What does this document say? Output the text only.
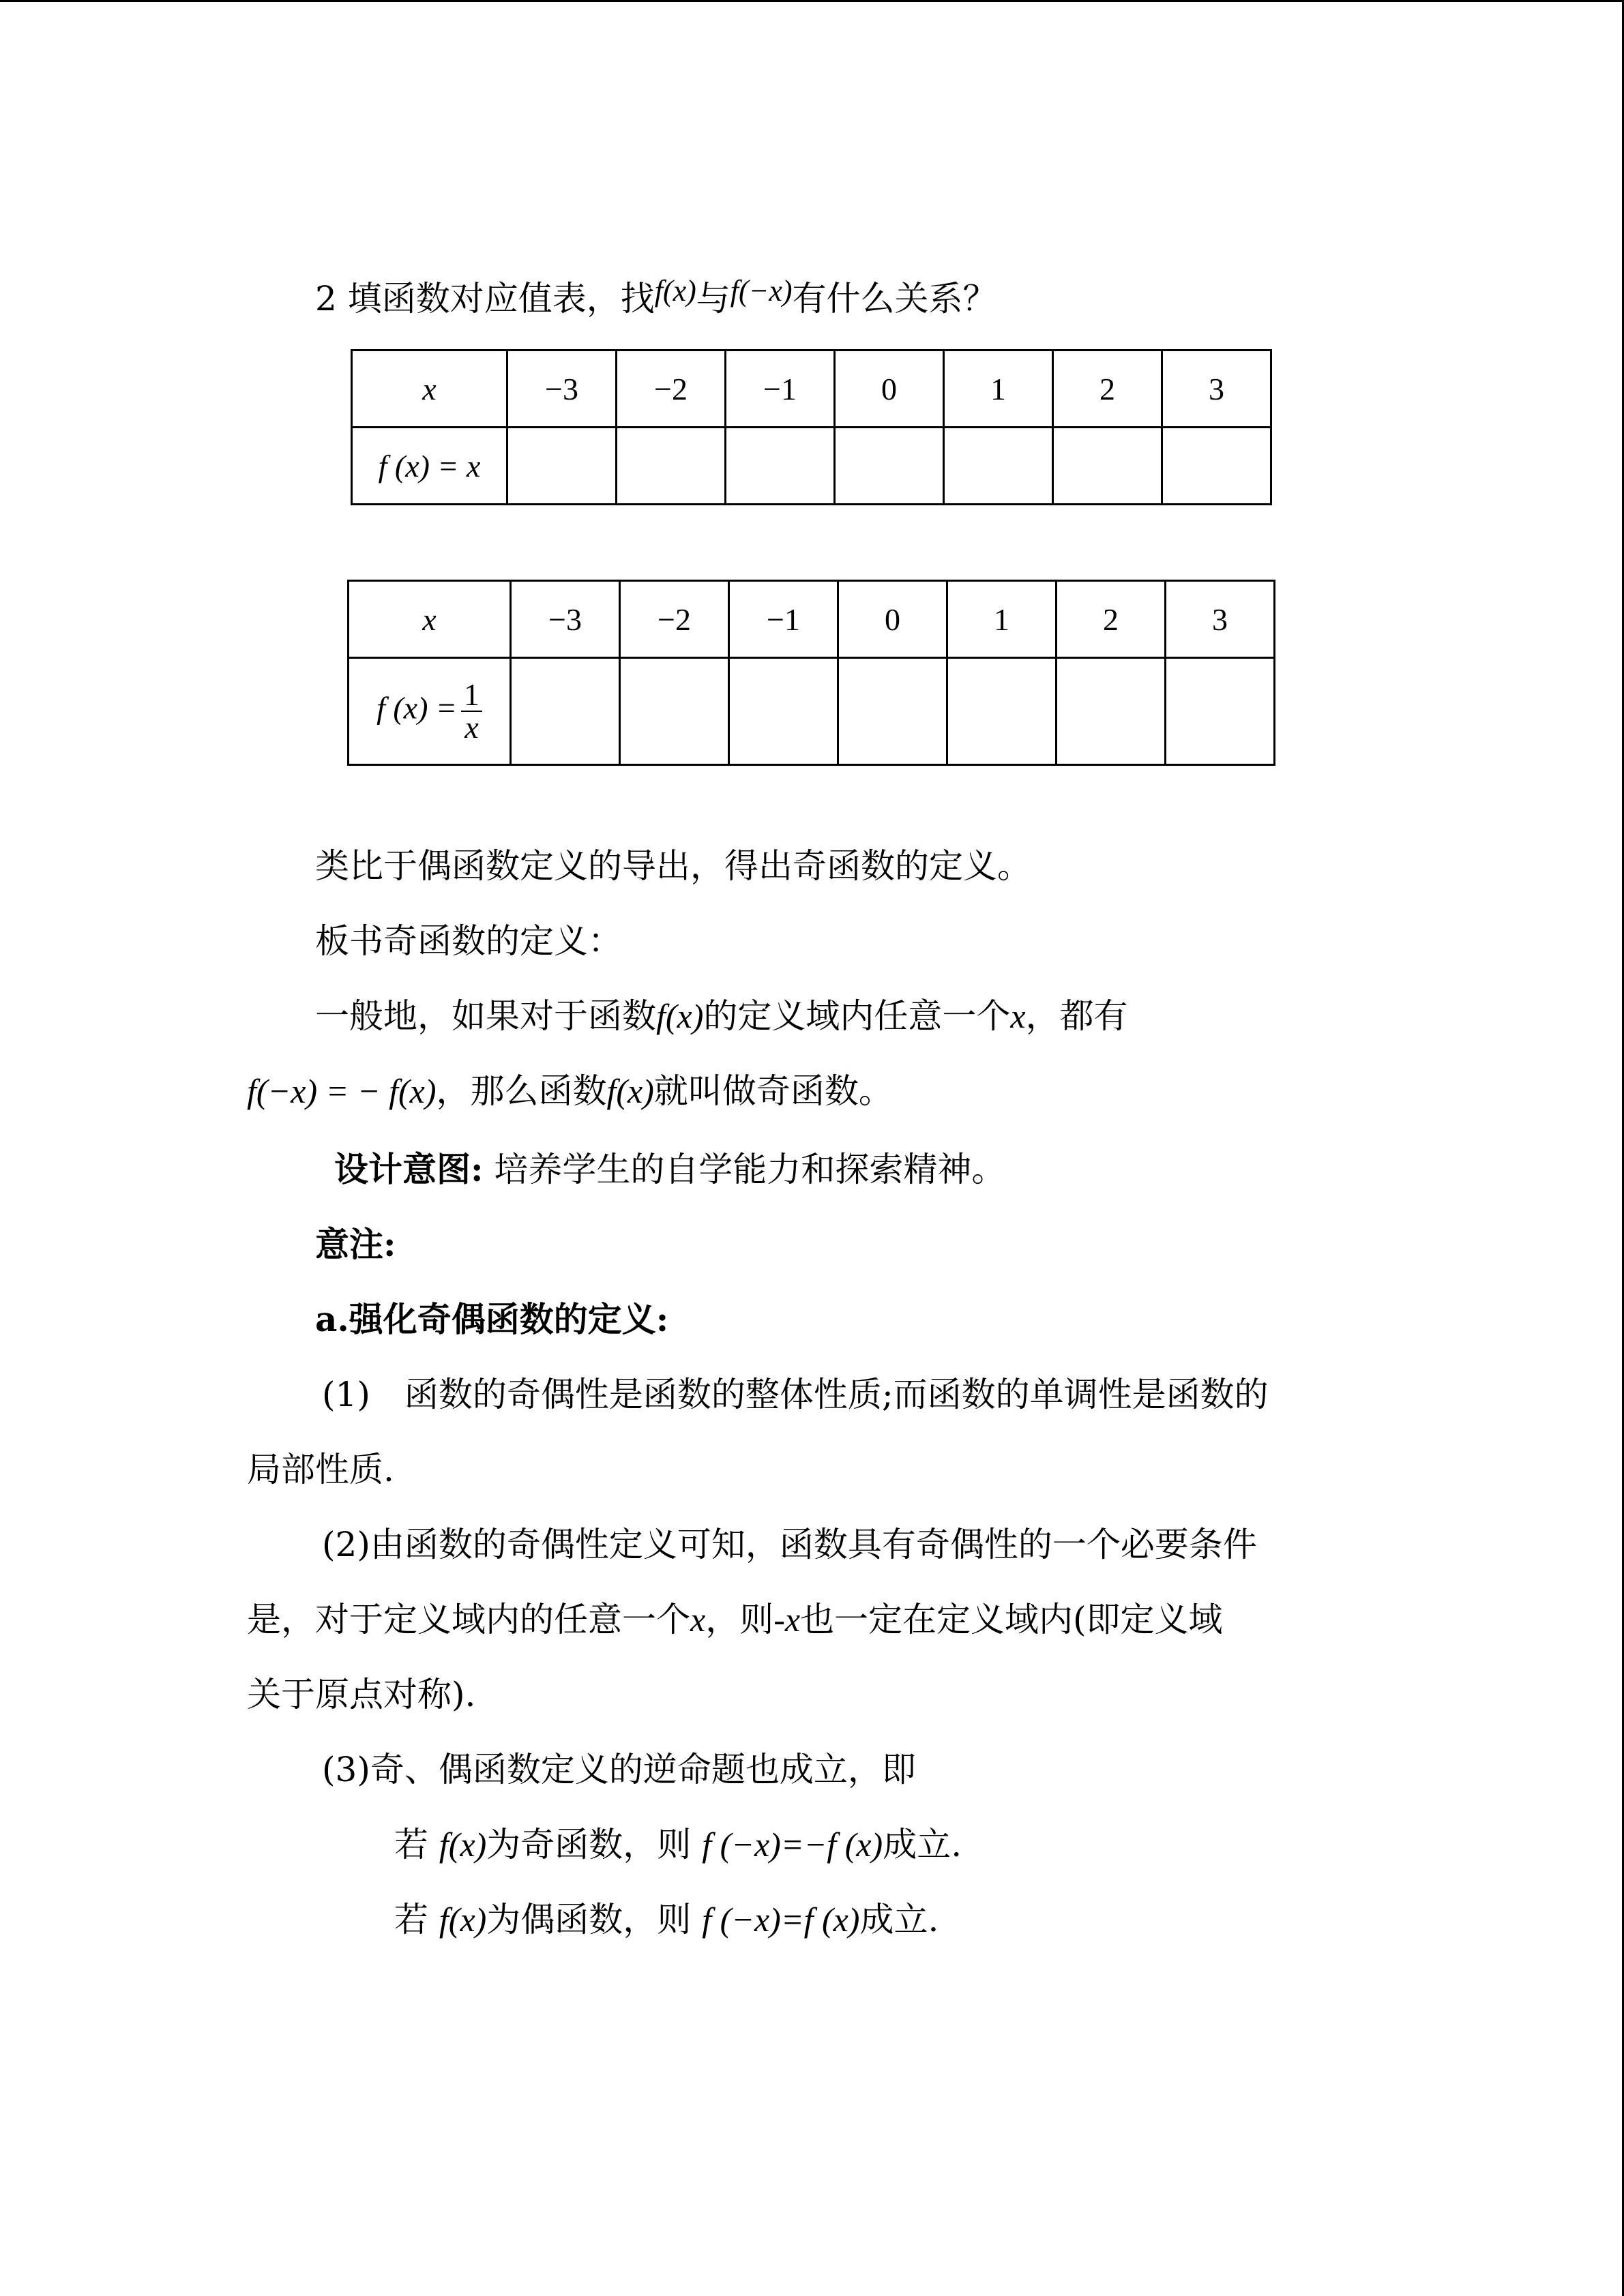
2 填函数对应值表，找f(x)与f(−x)有什么关系？
x	−3	−2	−1	0	1	2	3
f (x) = x							
x	−3	−2	−1	0	1	2	3
f $(x) = \frac{1}{x}$

类比于偶函数定义的导出，得出奇函数的定义。
板书奇函数的定义：
一般地，如果对于函数f(x)的定义域内任意一个x，都有
f(−x) = − f(x)，那么函数f(x)就叫做奇函数。
设计意图: 培养学生的自学能力和探索精神。
意注:
a.强化奇偶函数的定义:
(1)　函数的奇偶性是函数的整体性质;而函数的单调性是函数的
局部性质.
(2)由函数的奇偶性定义可知，函数具有奇偶性的一个必要条件
是，对于定义域内的任意一个x，则-x也一定在定义域内(即定义域
关于原点对称).
(3)奇、偶函数定义的逆命题也成立，即
若 f(x)为奇函数，则 f (−x)=−f (x)成立.
若 f(x)为偶函数，则 f (−x)=f (x)成立.
